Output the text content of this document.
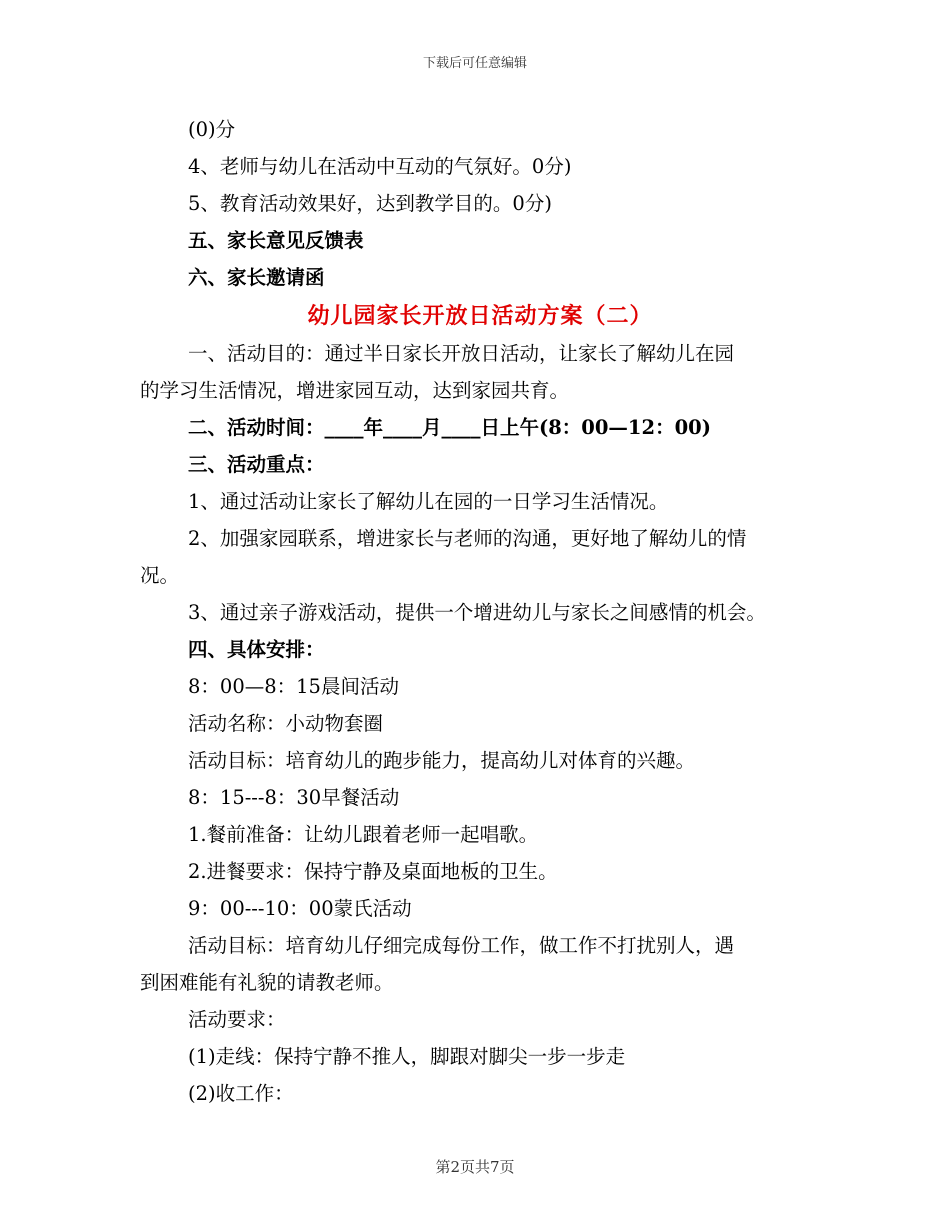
下载后可任意编辑
(0)分
4、老师与幼儿在活动中互动的气氛好。0分)
5、教育活动效果好，达到教学目的。0分)
五、家长意见反馈表
六、家长邀请函
幼儿园家长开放日活动方案（二）
一、活动目的：通过半日家长开放日活动，让家长了解幼儿在园
的学习生活情况，增进家园互动，达到家园共育。
二、活动时间：____年____月____日上午(8：00—12：00)
三、活动重点：
1、通过活动让家长了解幼儿在园的一日学习生活情况。
2、加强家园联系，增进家长与老师的沟通，更好地了解幼儿的情
况。
3、通过亲子游戏活动，提供一个增进幼儿与家长之间感情的机会。
四、具体安排：
8：00—8：15晨间活动
活动名称：小动物套圈
活动目标：培育幼儿的跑步能力，提高幼儿对体育的兴趣。
8：15---8：30早餐活动
1.餐前准备：让幼儿跟着老师一起唱歌。
2.进餐要求：保持宁静及桌面地板的卫生。
9：00---10：00蒙氏活动
活动目标：培育幼儿仔细完成每份工作，做工作不打扰别人，遇
到困难能有礼貌的请教老师。
活动要求：
(1)走线：保持宁静不推人，脚跟对脚尖一步一步走
(2)收工作：
第2页共7页
